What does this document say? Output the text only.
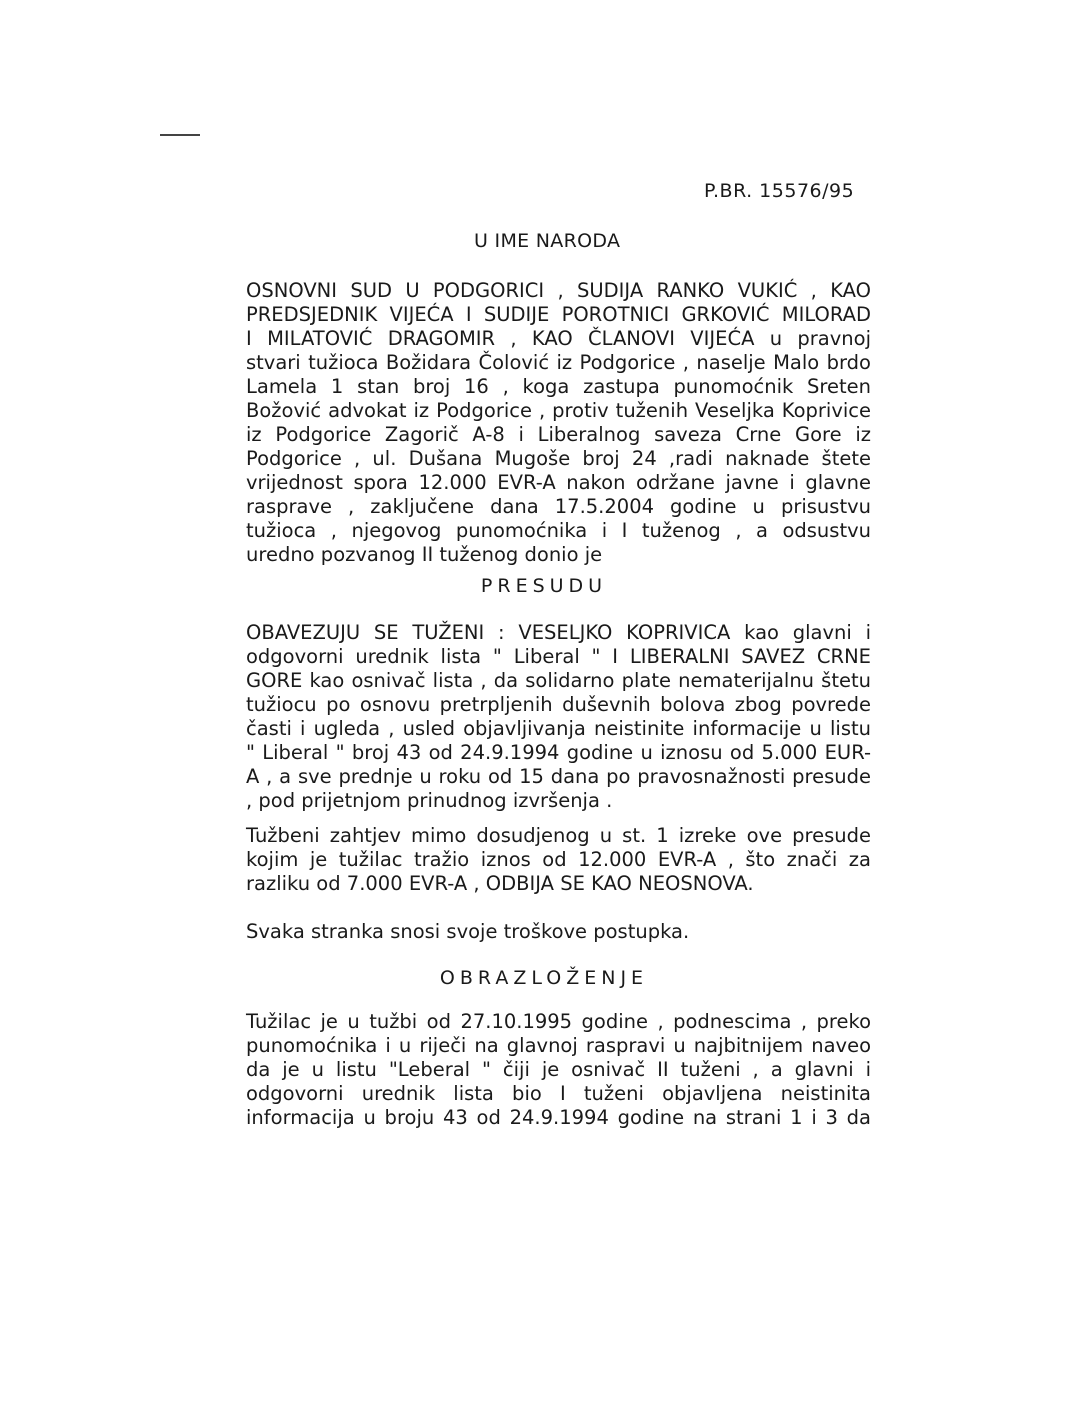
P.BR. 15576/95
U IME NARODA
OSNOVNI SUD U PODGORICI , SUDIJA RANKO VUKIĆ , KAO
PREDSJEDNIK VIJEĆA I SUDIJE POROTNICI GRKOVIĆ MILORAD
I MILATOVIĆ DRAGOMIR , KAO ČLANOVI VIJEĆA u pravnoj
stvari tužioca Božidara Čolović iz Podgorice , naselje Malo brdo
Lamela 1 stan broj 16 , koga zastupa punomoćnik Sreten
Božović advokat iz Podgorice , protiv tuženih Veseljka Koprivice
iz Podgorice Zagorič A-8 i Liberalnog saveza Crne Gore iz
Podgorice , ul. Dušana Mugoše broj 24 ,radi naknade štete
vrijednost spora 12.000 EVR-A nakon održane javne i glavne
rasprave , zaključene dana 17.5.2004 godine u prisustvu
tužioca , njegovog punomoćnika i I tuženog , a odsustvu
uredno pozvanog II tuženog donio je
PRESUDU
OBAVEZUJU SE TUŽENI : VESELJKO KOPRIVICA kao glavni i
odgovorni urednik lista " Liberal " I LIBERALNI SAVEZ CRNE
GORE kao osnivač lista , da solidarno plate nematerijalnu štetu
tužiocu po osnovu pretrpljenih duševnih bolova zbog povrede
časti i ugleda , usled objavljivanja neistinite informacije u listu
" Liberal " broj 43 od 24.9.1994 godine u iznosu od 5.000 EUR-
A , a sve prednje u roku od 15 dana po pravosnažnosti presude
, pod prijetnjom prinudnog izvršenja .
Tužbeni zahtjev mimo dosudjenog u st. 1 izreke ove presude
kojim je tužilac tražio iznos od 12.000 EVR-A , što znači za
razliku od 7.000 EVR-A , ODBIJA SE KAO NEOSNOVA.
Svaka stranka snosi svoje troškove postupka.
OBRAZLOŽENJE
Tužilac je u tužbi od 27.10.1995 godine , podnescima , preko
punomoćnika i u riječi na glavnoj raspravi u najbitnijem naveo
da je u listu "Leberal " čiji je osnivač II tuženi , a glavni i
odgovorni urednik lista bio I tuženi objavljena neistinita
informacija u broju 43 od 24.9.1994 godine na strani 1 i 3 da
